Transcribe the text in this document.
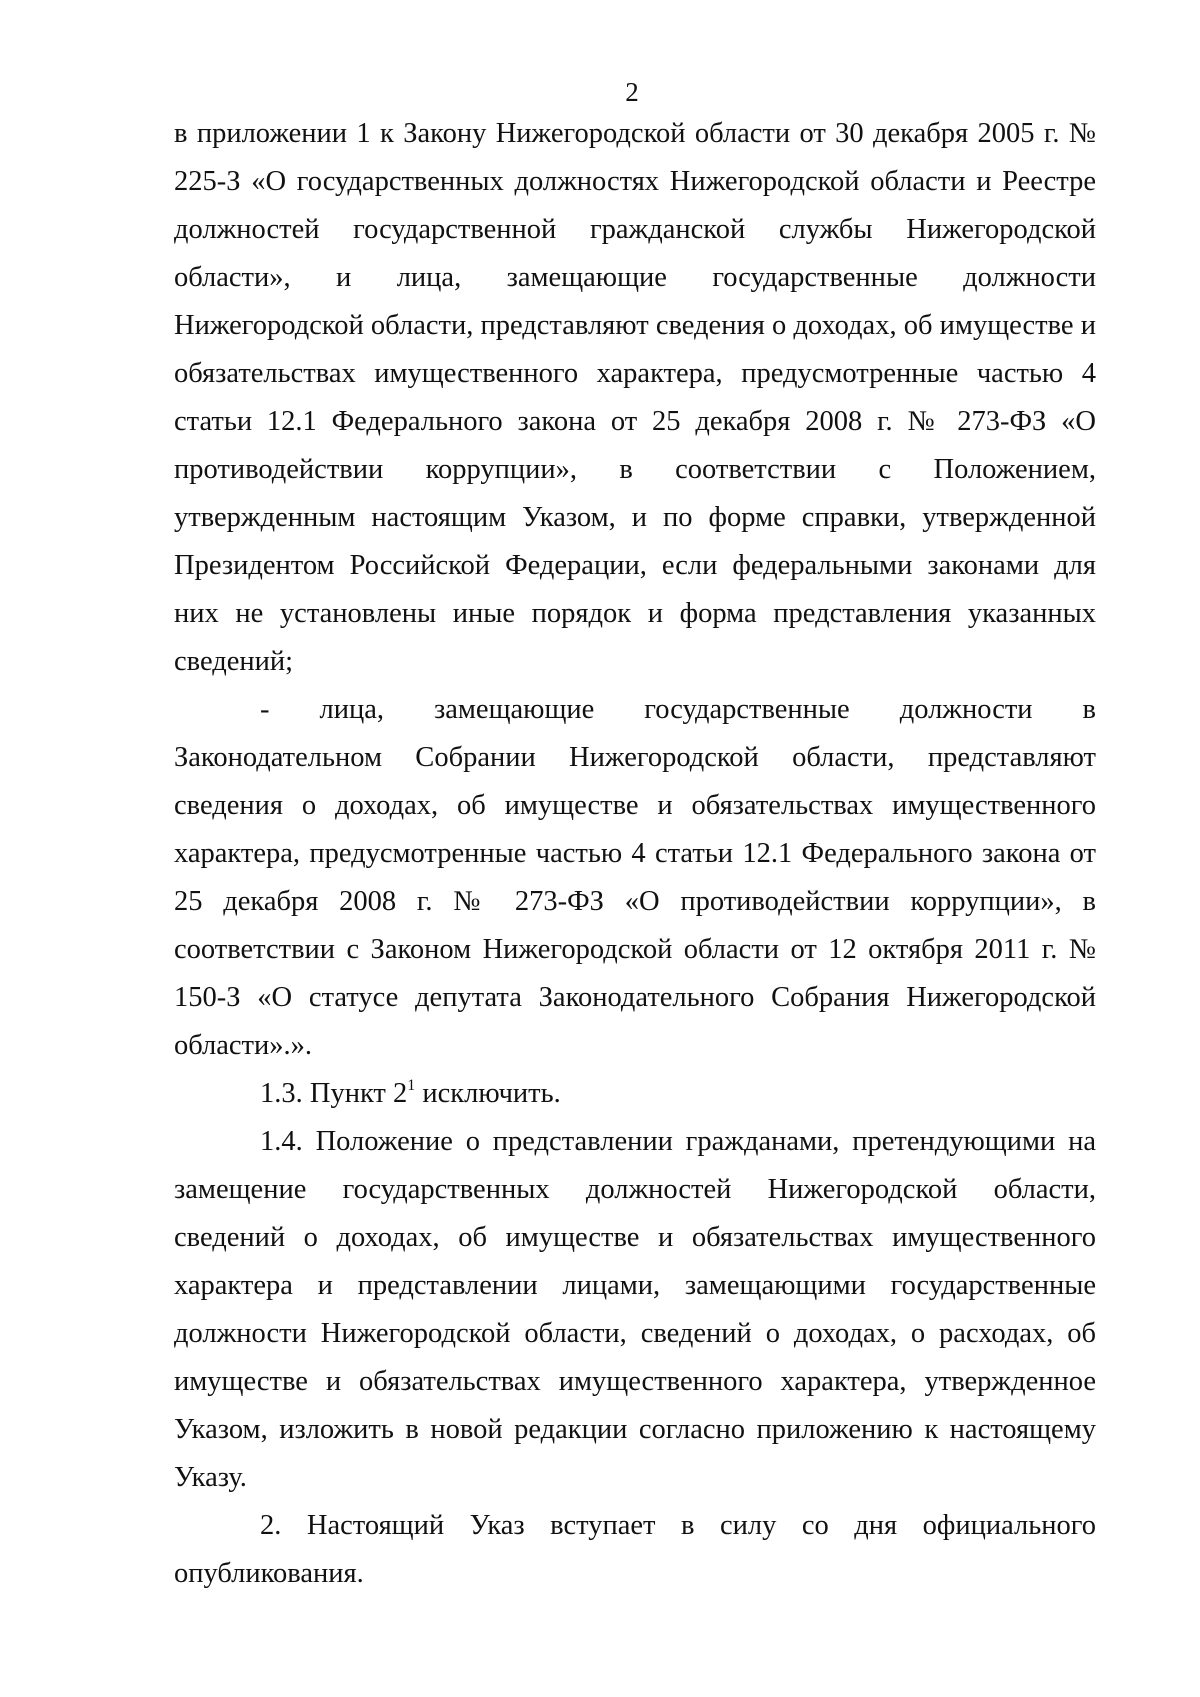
2

в приложении 1 к Закону Нижегородской области от 30 декабря 2005 г. № 225-З «О государственных должностях Нижегородской области и Реестре должностей государственной гражданской службы Нижегородской области», и лица, замещающие государственные должности Нижегородской области, представляют сведения о доходах, об имуществе и обязательствах имущественного характера, предусмотренные частью 4 статьи 12.1 Федерального закона от 25 декабря 2008 г. № 273-ФЗ «О противодействии коррупции», в соответствии с Положением, утвержденным настоящим Указом, и по форме справки, утвержденной Президентом Российской Федерации, если федеральными законами для них не установлены иные порядок и форма представления указанных сведений;

- лица, замещающие государственные должности в Законодательном Собрании Нижегородской области, представляют сведения о доходах, об имуществе и обязательствах имущественного характера, предусмотренные частью 4 статьи 12.1 Федерального закона от 25 декабря 2008 г. № 273-ФЗ «О противодействии коррупции», в соответствии с Законом Нижегородской области от 12 октября 2011 г. № 150-З «О статусе депутата Законодательного Собрания Нижегородской области».».

1.3. Пункт $2^1$ исключить.

1.4. Положение о представлении гражданами, претендующими на замещение государственных должностей Нижегородской области, сведений о доходах, об имуществе и обязательствах имущественного характера и представлении лицами, замещающими государственные должности Нижегородской области, сведений о доходах, о расходах, об имуществе и обязательствах имущественного характера, утвержденное Указом, изложить в новой редакции согласно приложению к настоящему Указу.

2. Настоящий Указ вступает в силу со дня официального опубликования.
